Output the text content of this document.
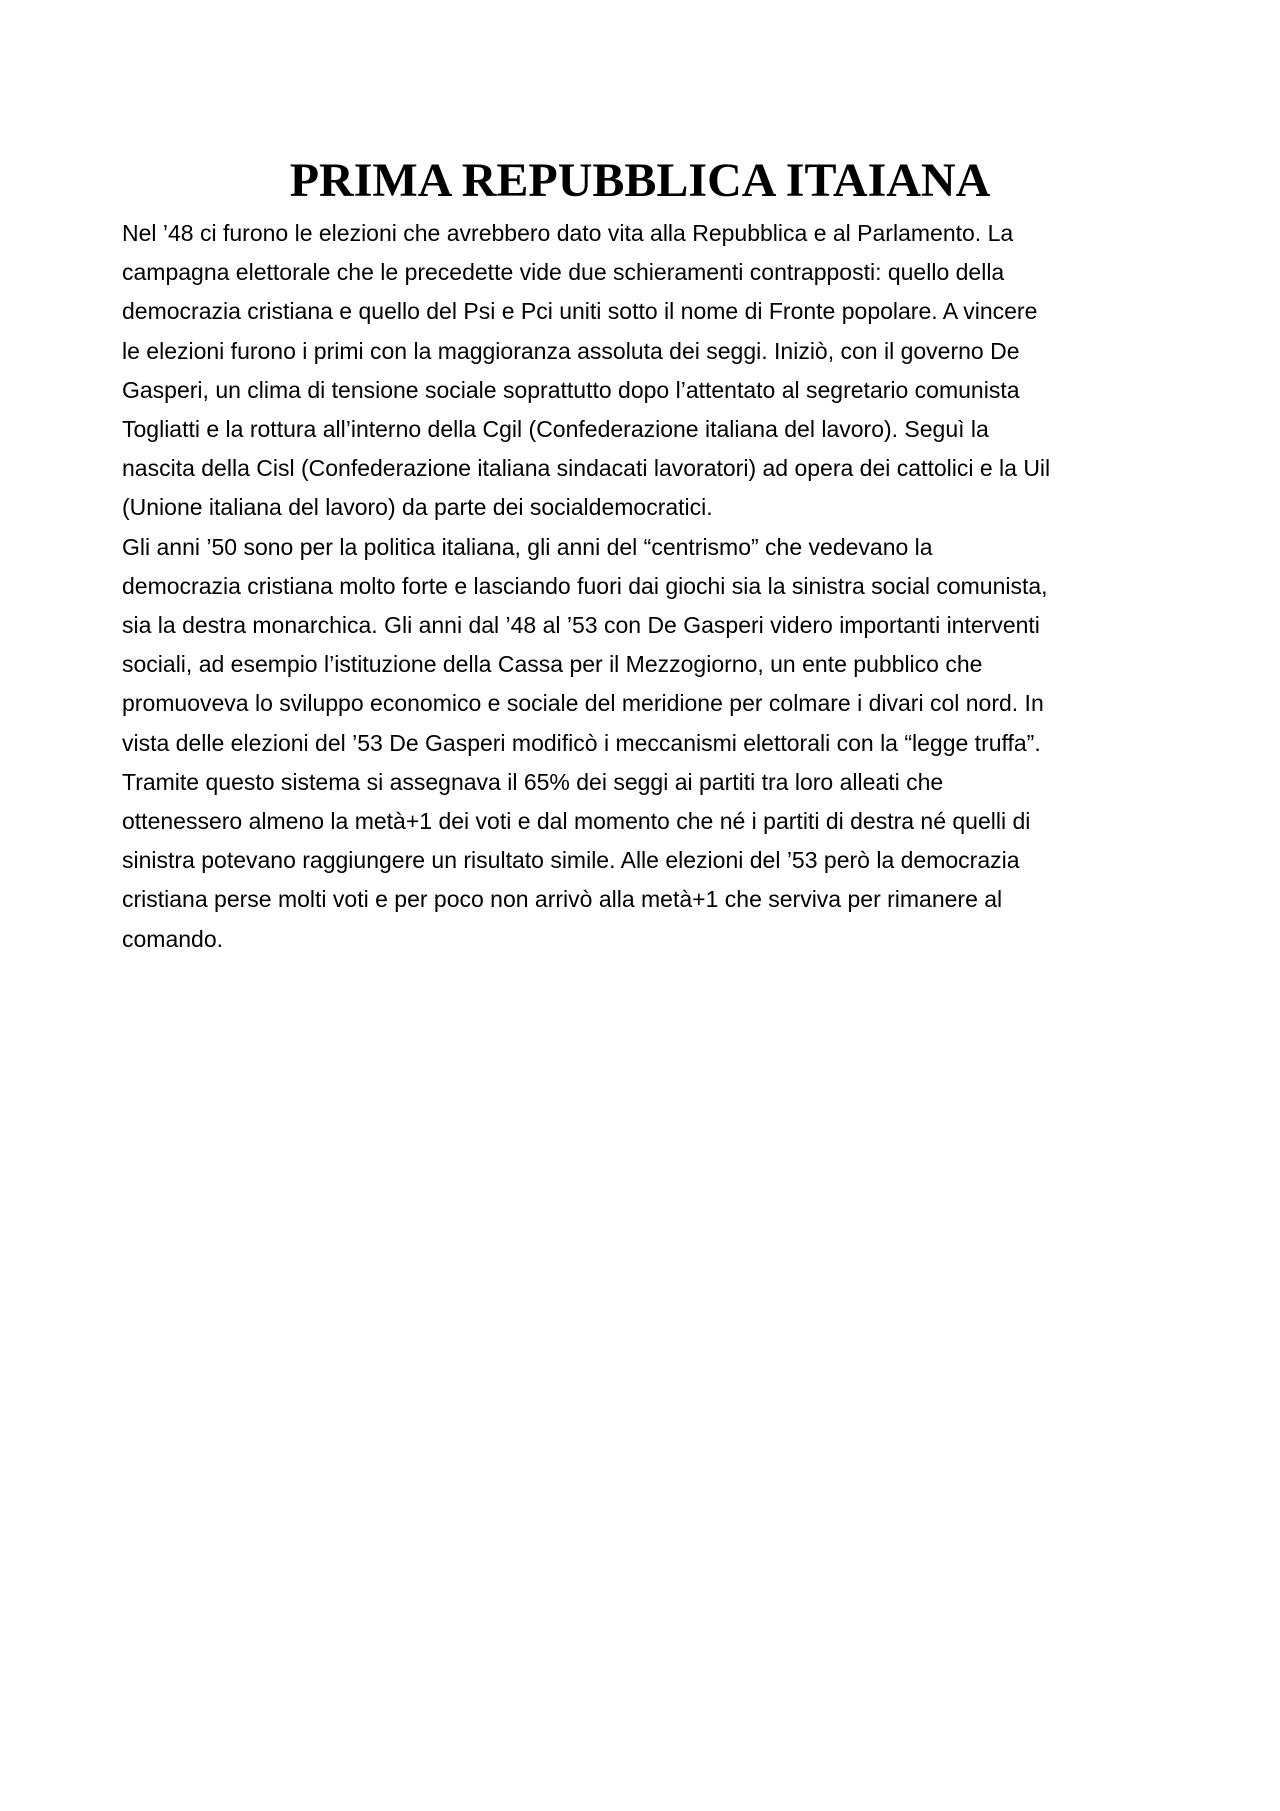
PRIMA REPUBBLICA ITAIANA
Nel ’48 ci furono le elezioni che avrebbero dato vita alla Repubblica e al Parlamento. La
campagna elettorale che le precedette vide due schieramenti contrapposti: quello della
democrazia cristiana e quello del Psi e Pci uniti sotto il nome di Fronte popolare. A vincere
le elezioni furono i primi con la maggioranza assoluta dei seggi. Iniziò, con il governo De
Gasperi, un clima di tensione sociale soprattutto dopo l’attentato al segretario comunista
Togliatti e la rottura all’interno della Cgil (Confederazione italiana del lavoro). Seguì la
nascita della Cisl (Confederazione italiana sindacati lavoratori) ad opera dei cattolici e la Uil
(Unione italiana del lavoro) da parte dei socialdemocratici.
Gli anni ’50 sono per la politica italiana, gli anni del “centrismo” che vedevano la
democrazia cristiana molto forte e lasciando fuori dai giochi sia la sinistra social comunista,
sia la destra monarchica. Gli anni dal ’48 al ’53 con De Gasperi videro importanti interventi
sociali, ad esempio l’istituzione della Cassa per il Mezzogiorno, un ente pubblico che
promuoveva lo sviluppo economico e sociale del meridione per colmare i divari col nord. In
vista delle elezioni del ’53 De Gasperi modificò i meccanismi elettorali con la “legge truffa”.
Tramite questo sistema si assegnava il 65% dei seggi ai partiti tra loro alleati che
ottenessero almeno la metà+1 dei voti e dal momento che né i partiti di destra né quelli di
sinistra potevano raggiungere un risultato simile. Alle elezioni del ’53 però la democrazia
cristiana perse molti voti e per poco non arrivò alla metà+1 che serviva per rimanere al
comando.
